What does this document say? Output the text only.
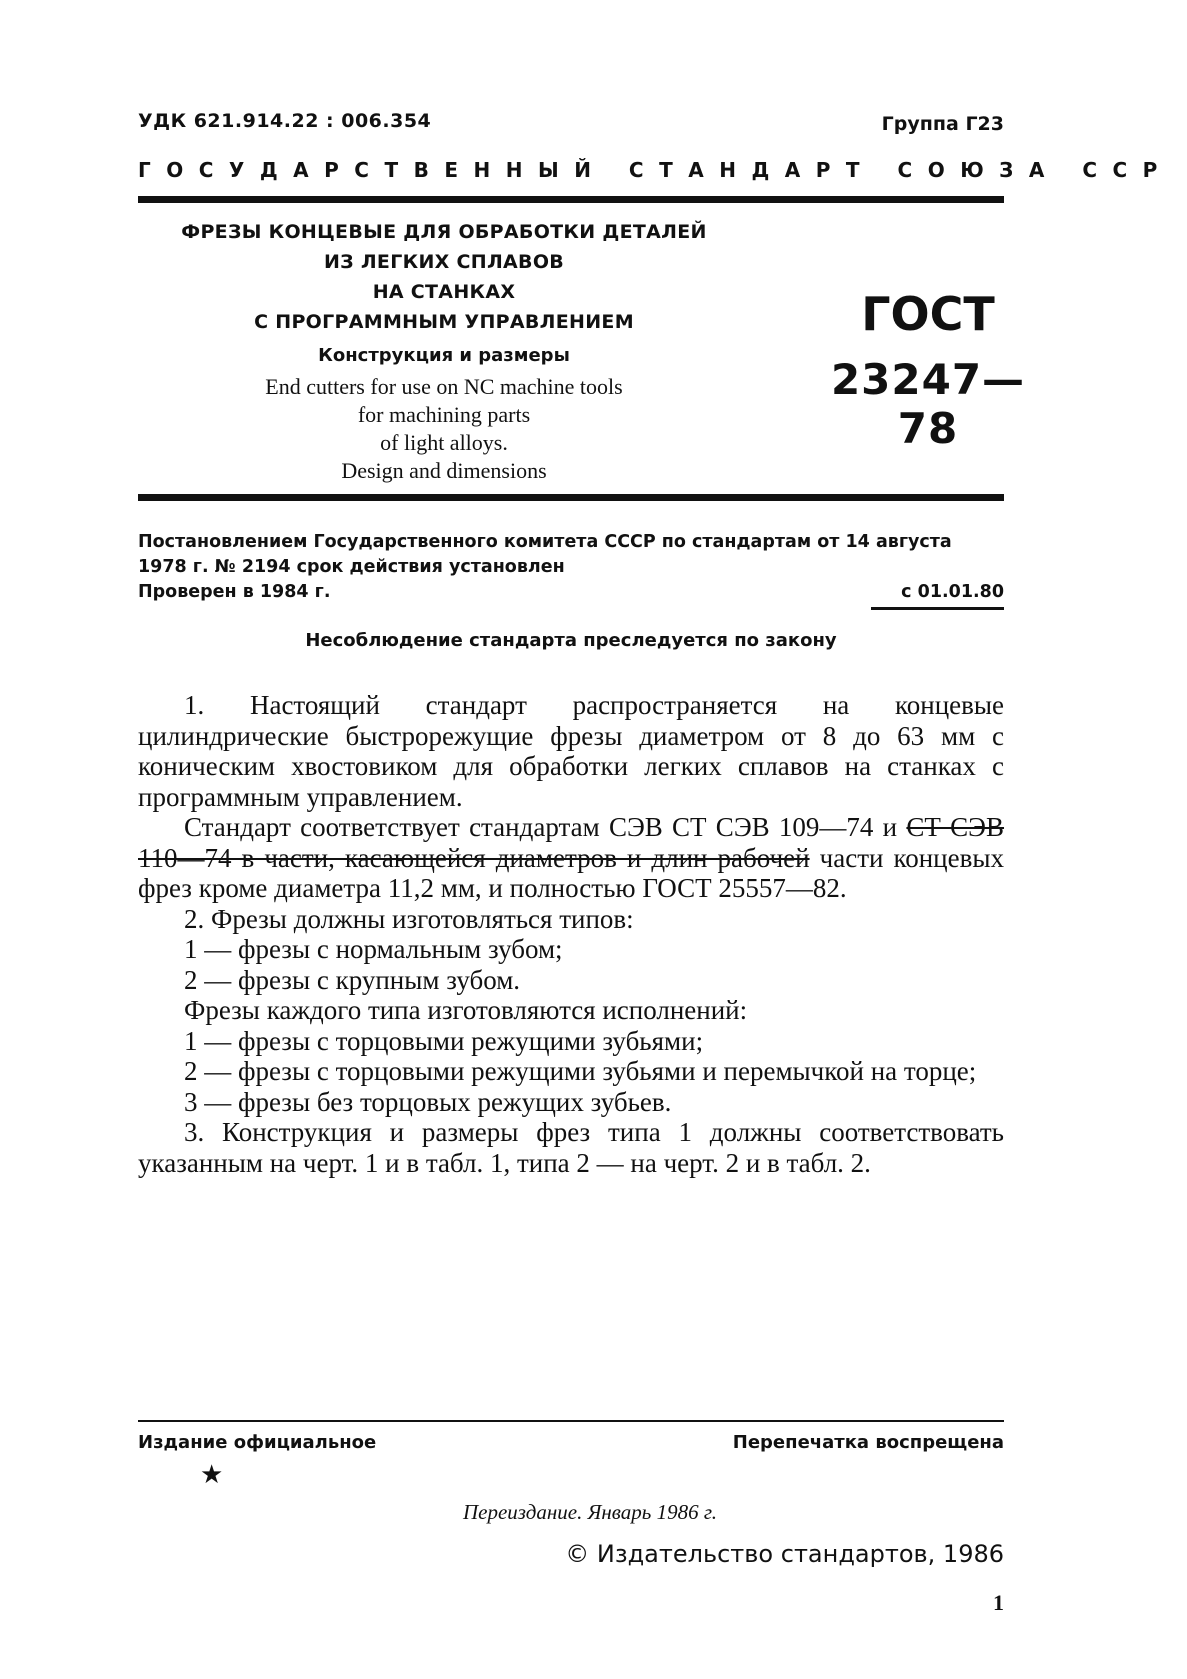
УДК 621.914.22 : 006.354	Группа Г23
ГОСУДАРСТВЕННЫЙ СТАНДАРТ СОЮЗА ССР
ФРЕЗЫ КОНЦЕВЫЕ ДЛЯ ОБРАБОТКИ ДЕТАЛЕЙ
ИЗ ЛЕГКИХ СПЛАВОВ
НА СТАНКАХ
С ПРОГРАММНЫМ УПРАВЛЕНИЕМ
Конструкция и размеры
End cutters for use on NC machine tools
for machining parts
of light alloys.
Design and dimensions
ГОСТ
23247—78
Постановлением Государственного комитета СССР по стандартам от 14 августа
1978 г. № 2194 срок действия установлен
Проверен в 1984 г.	с 01.01.80
Несоблюдение стандарта преследуется по закону

1. Настоящий стандарт распространяется на концевые цилиндрические быстрорежущие фрезы диаметром от 8 до 63 мм с коническим хвостовиком для обработки легких сплавов на станках с программным управлением.

Стандарт соответствует стандартам СЭВ СТ СЭВ 109—74 и СТ СЭВ 110—74 в части, касающейся диаметров и длин рабочей части концевых фрез кроме диаметра 11,2 мм, и полностью ГОСТ 25557—82.

2. Фрезы должны изготовляться типов:

1 — фрезы с нормальным зубом;

2 — фрезы с крупным зубом.

Фрезы каждого типа изготовляются исполнений:

1 — фрезы с торцовыми режущими зубьями;

2 — фрезы с торцовыми режущими зубьями и перемычкой на торце;

3 — фрезы без торцовых режущих зубьев.

3. Конструкция и размеры фрез типа 1 должны соответствовать указанным на черт. 1 и в табл. 1, типа 2 — на черт. 2 и в табл. 2.

Издание официальное	Перепечатка воспрещена
★
Переиздание. Январь 1986 г.
© Издательство стандартов, 1986
1
